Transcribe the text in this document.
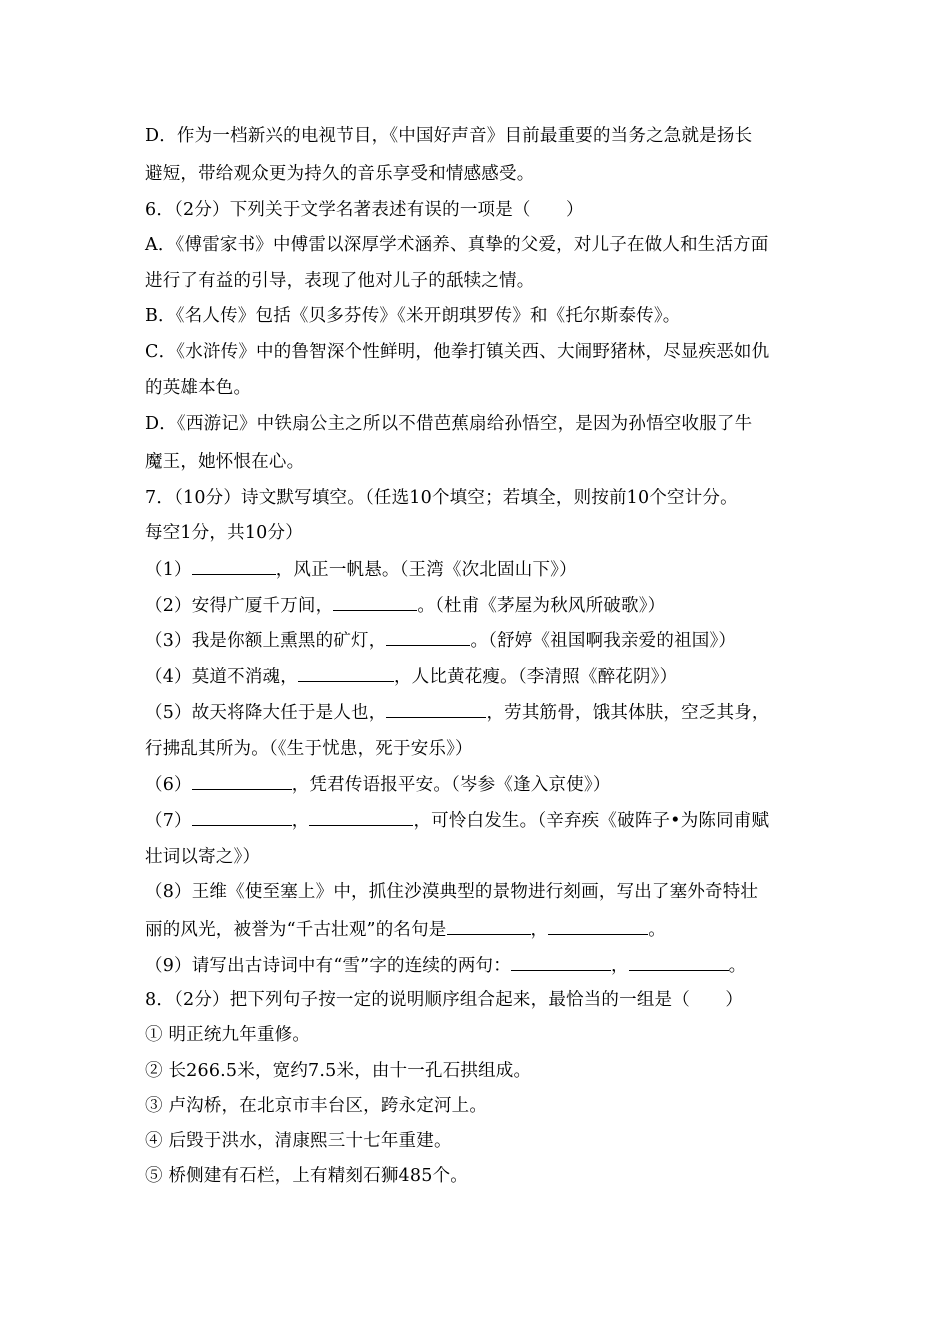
D．作为一档新兴的电视节目，《中国好声音》目前最重要的当务之急就是扬长
避短，带给观众更为持久的音乐享受和情感感受。
6．（2分）下列关于文学名著表述有误的一项是（　　）
A．《傅雷家书》中傅雷以深厚学术涵养、真挚的父爱，对儿子在做人和生活方面
进行了有益的引导，表现了他对儿子的舐犊之情。
B．《名人传》包括《贝多芬传》《米开朗琪罗传》和《托尔斯泰传》。
C．《水浒传》中的鲁智深个性鲜明，他拳打镇关西、大闹野猪林，尽显疾恶如仇
的英雄本色。
D．《西游记》中铁扇公主之所以不借芭蕉扇给孙悟空，是因为孙悟空收服了牛
魔王，她怀恨在心。
7．（10分）诗文默写填空。（任选10个填空；若填全，则按前10个空计分。
每空1分，共10分）
（1）	，风正一帆悬。（王湾《次北固山下》）
（2）安得广厦千万间，	。（杜甫《茅屋为秋风所破歌》）
（3）我是你额上熏黑的矿灯，	。（舒婷《祖国啊我亲爱的祖国》）
（4）莫道不消魂，	，人比黄花瘦。（李清照《醉花阴》）
（5）故天将降大任于是人也，	，劳其筋骨，饿其体肤，空乏其身，
行拂乱其所为。（《生于忧患，死于安乐》）
（6）	，凭君传语报平安。（岑参《逢入京使》）
（7）	，	，可怜白发生。（辛弃疾《破阵子•为陈同甫赋
壮词以寄之》）
（8）王维《使至塞上》中，抓住沙漠典型的景物进行刻画，写出了塞外奇特壮
丽的风光，被誉为“千古壮观”的名句是	，	。
（9）请写出古诗词中有“雪”字的连续的两句：	，	。
8．（2分）把下列句子按一定的说明顺序组合起来，最恰当的一组是（　　）
① 明正统九年重修。
② 长266.5米，宽约7.5米，由十一孔石拱组成。
③ 卢沟桥，在北京市丰台区，跨永定河上。
④ 后毁于洪水，清康熙三十七年重建。
⑤ 桥侧建有石栏，上有精刻石狮485个。
